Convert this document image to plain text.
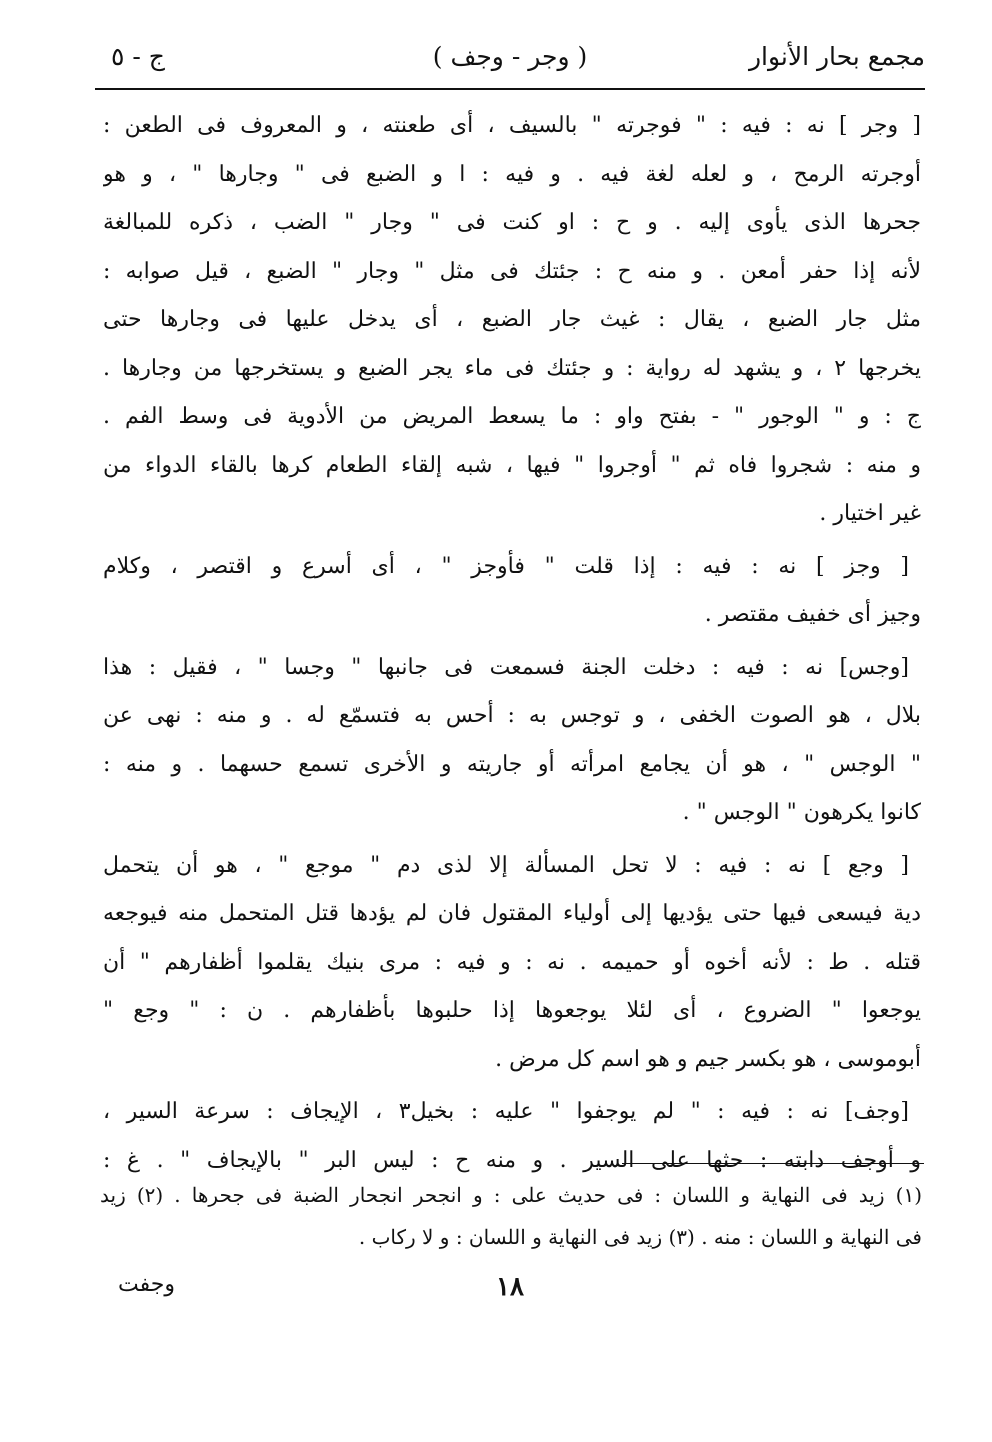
مجمع بحار الأنوار
( وجر - وجف )
ج - ٥
[ وجر ] نه : فيه : " فوجرته " بالسيف ، أى طعنته ، و المعروف فى الطعن :
أوجرته الرمح ، و لعله لغة فيه . و فيه : ا و الضبع فى " وجارها " ، و هو
جحرها الذى يأوى إليه . و ح : او كنت فى " وجار " الضب ، ذكره للمبالغة
لأنه إذا حفر أمعن . و منه ح : جئتك فى مثل " وجار " الضبع ، قيل صوابه :
مثل جار الضبع ، يقال : غيث جار الضبع ، أى يدخل عليها فى وجارها حتى
يخرجها ٢ ، و يشهد له رواية : و جئتك فى ماء يجر الضبع و يستخرجها من وجارها .
ج : و " الوجور " - بفتح واو : ما يسعط المريض من الأدوية فى وسط الفم .
و منه : شجروا فاه ثم " أوجروا " فيها ، شبه إلقاء الطعام كرها بالقاء الدواء من
غير اختيار .
[ وجز ] نه : فيه : إذا قلت " فأوجز " ، أى أسرع و اقتصر ، وكلام
وجيز أى خفيف مقتصر .
[وجس] نه : فيه : دخلت الجنة فسمعت فى جانبها " وجسا " ، فقيل : هذا
بلال ، هو الصوت الخفى ، و توجس به : أحس به فتسمّع له . و منه : نهى عن
" الوجس " ، هو أن يجامع امرأته أو جاريته و الأخرى تسمع حسهما . و منه :
كانوا يكرهون " الوجس " .
[ وجع ] نه : فيه : لا تحل المسألة إلا لذى دم " موجع " ، هو أن يتحمل
دية فيسعى فيها حتى يؤديها إلى أولياء المقتول فان لم يؤدها قتل المتحمل منه فيوجعه
قتله . ط : لأنه أخوه أو حميمه . نه : و فيه : مرى بنيك يقلموا أظفارهم " أن
يوجعوا " الضروع ، أى لئلا يوجعوها إذا حلبوها بأظفارهم . ن : " وجع "
أبوموسى ، هو بكسر جيم و هو اسم كل مرض .
[وجف] نه : فيه : " لم يوجفوا " عليه : بخيل٣ ، الإيجاف : سرعة السير ،
و أوجف دابته : حثها على السير . و منه ح : ليس البر " بالإيجاف " . غ :
(١) زيد فى النهاية و اللسان : فى حديث على : و انجحر انجحار الضبة فى جحرها . (٢) زيد
فى النهاية و اللسان : منه . (٣) زيد فى النهاية و اللسان : و لا ركاب .
١٨
وجفت
